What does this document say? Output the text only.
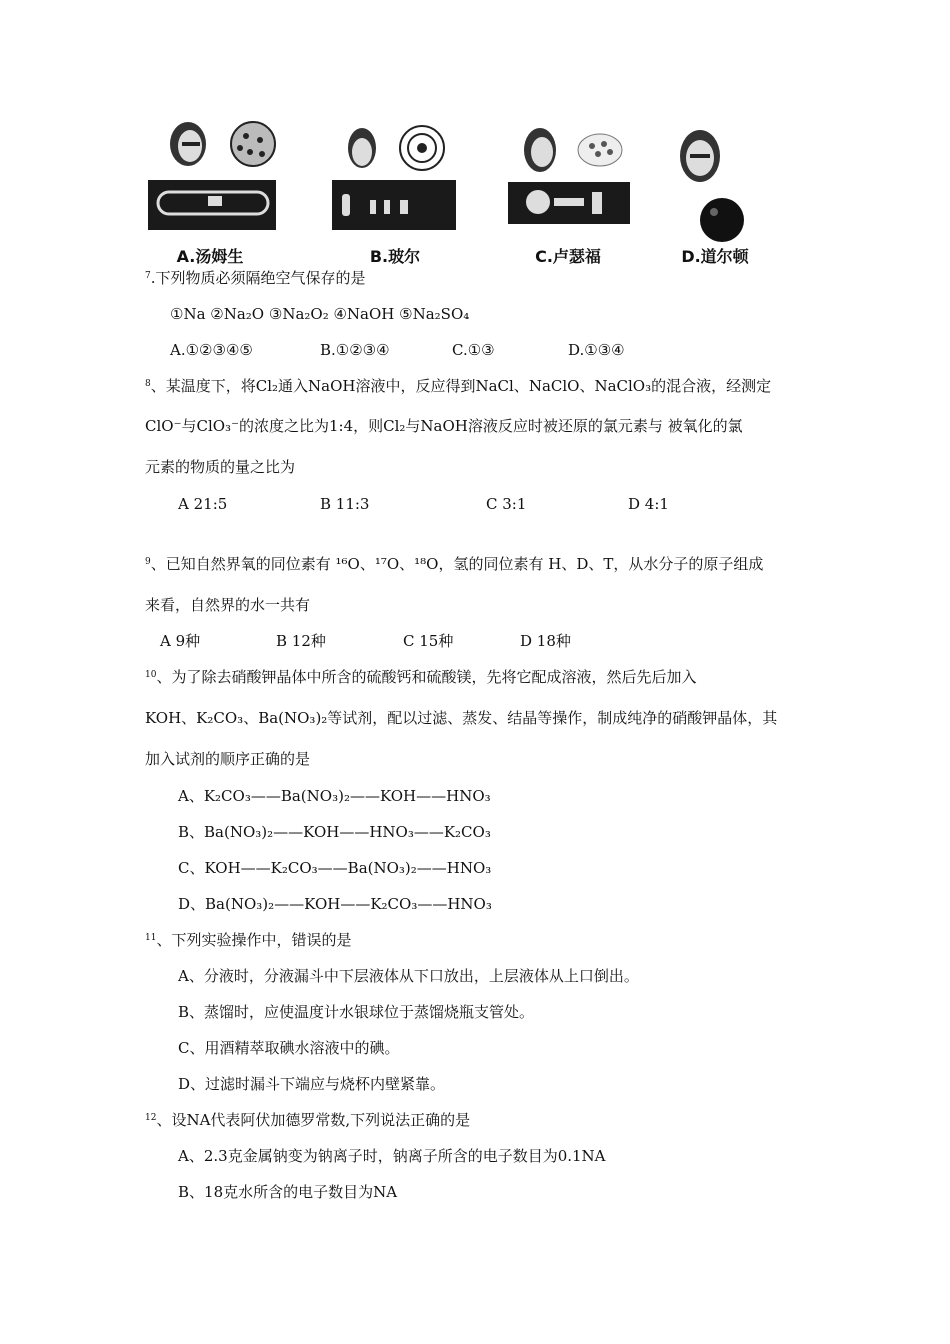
A.汤姆生	B.玻尔	C.卢瑟福	D.道尔顿
$^7$.下列物质必须隔绝空气保存的是
①Na ②Na₂O ③Na₂O₂ ④NaOH ⑤Na₂SO₄
A.①②③④⑤	B.①②③④	C.①③	D.①③④
$^8$、某温度下，将Cl₂通入NaOH溶液中，反应得到NaCl、NaClO、NaClO₃的混合液，经测定
ClO⁻与ClO₃⁻的浓度之比为1:4，则Cl₂与NaOH溶液反应时被还原的氯元素与 被氧化的氯
元素的物质的量之比为
A 21:5	B 11:3	C 3:1	D 4:1
$^9$、已知自然界氧的同位素有 ¹⁶O、¹⁷O、¹⁸O，氢的同位素有 H、D、T，从水分子的原子组成
来看，自然界的水一共有
A 9种	B 12种	C 15种	D 18种
$^{10}$、为了除去硝酸钾晶体中所含的硫酸钙和硫酸镁，先将它配成溶液，然后先后加入
KOH、K₂CO₃、Ba(NO₃)₂等试剂，配以过滤、蒸发、结晶等操作，制成纯净的硝酸钾晶体，其
加入试剂的顺序正确的是
A、K₂CO₃——Ba(NO₃)₂——KOH——HNO₃
B、Ba(NO₃)₂——KOH——HNO₃——K₂CO₃
C、KOH——K₂CO₃——Ba(NO₃)₂——HNO₃
D、Ba(NO₃)₂——KOH——K₂CO₃——HNO₃
$^{11}$、下列实验操作中，错误的是
A、分液时，分液漏斗中下层液体从下口放出，上层液体从上口倒出。
B、蒸馏时，应使温度计水银球位于蒸馏烧瓶支管处。
C、用酒精萃取碘水溶液中的碘。
D、过滤时漏斗下端应与烧杯内壁紧靠。
$^{12}$、设NA代表阿伏加德罗常数,下列说法正确的是
A、2.3克金属钠变为钠离子时，钠离子所含的电子数目为0.1NA
B、18克水所含的电子数目为NA
